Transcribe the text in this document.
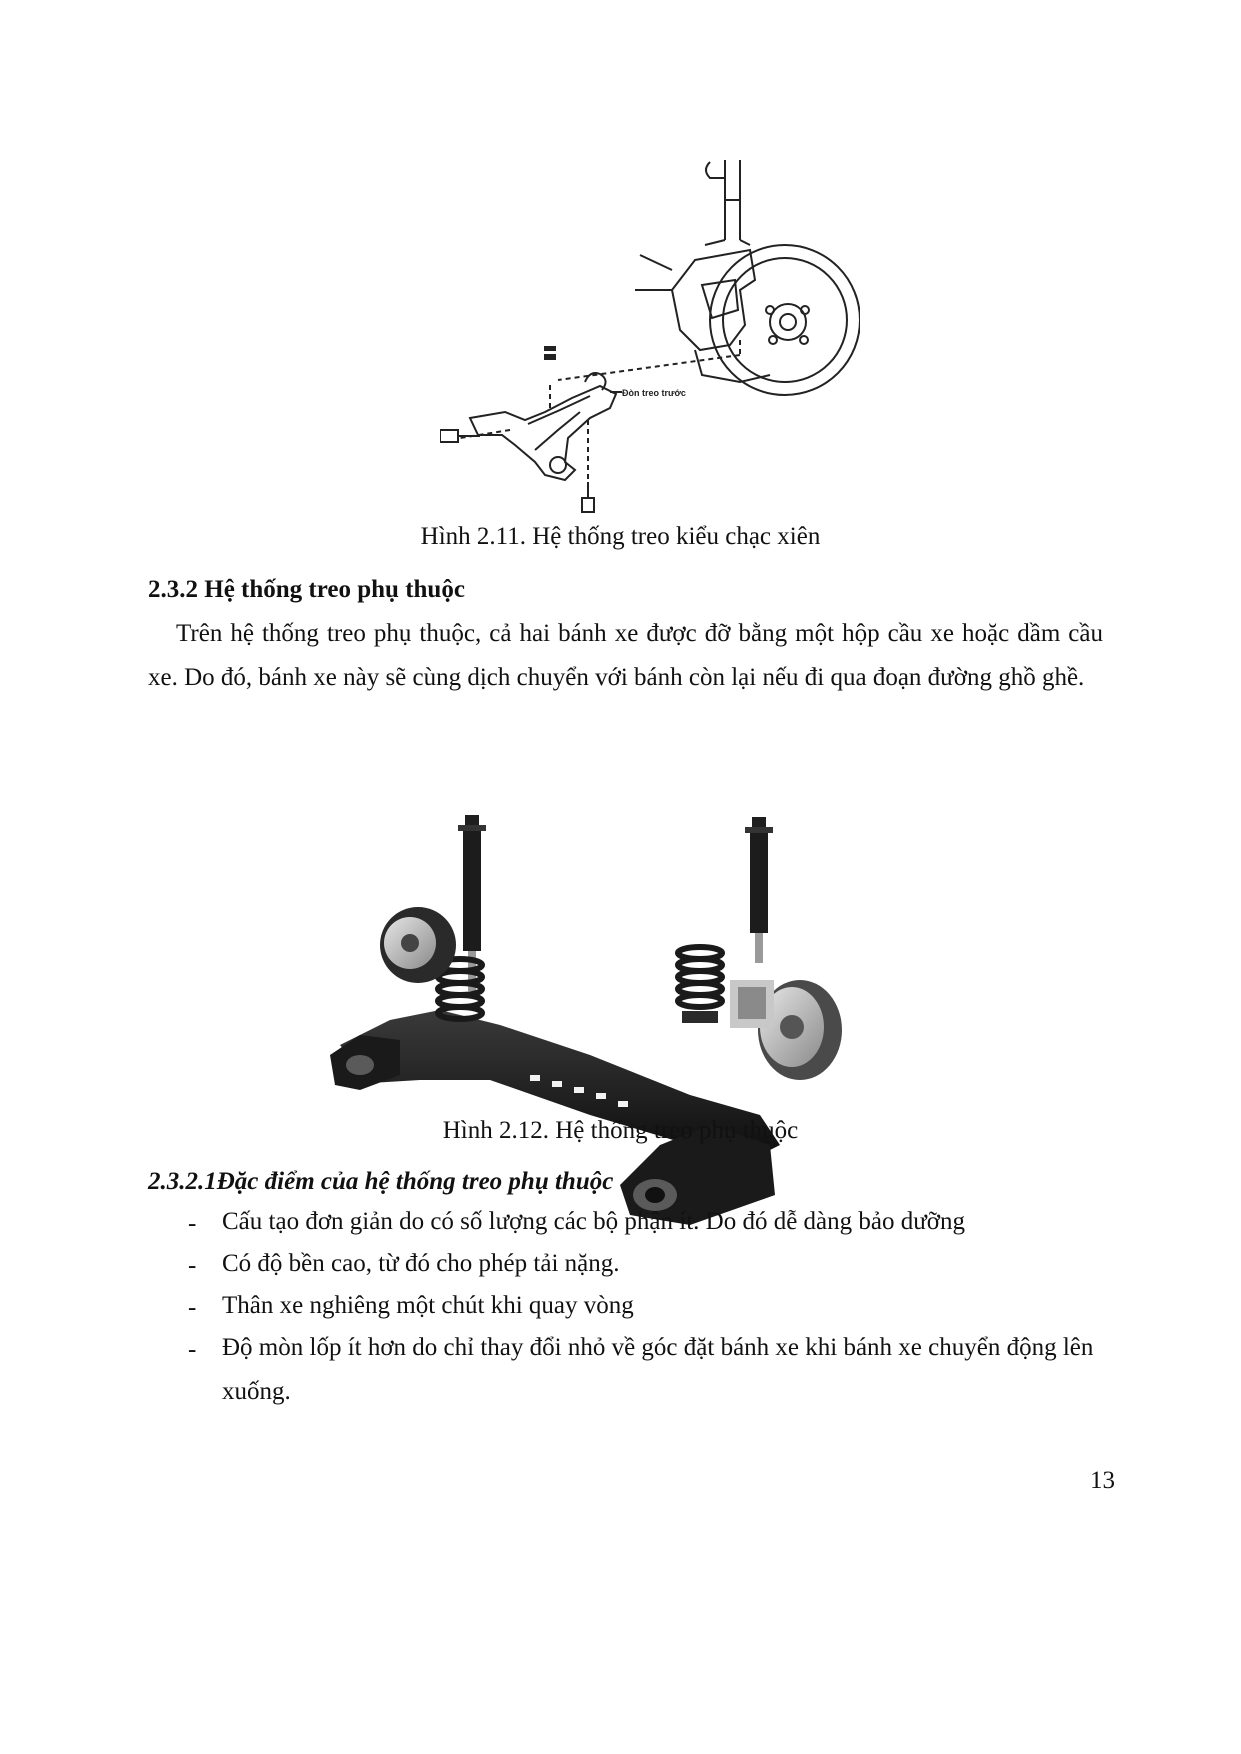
Đòn treo trước
Hình 2.11. Hệ thống treo kiểu chạc xiên
2.3.2 Hệ thống treo phụ thuộc
Trên hệ thống treo phụ thuộc, cả hai bánh xe được đỡ bằng một hộp cầu xe hoặc dầm cầu xe. Do đó, bánh xe này sẽ cùng dịch chuyển với bánh còn lại nếu đi qua đoạn đường ghồ ghề.
Hình 2.12. Hệ thống treo phụ thuộc
2.3.2.1Đặc điểm của hệ thống treo phụ thuộc
- Cấu tạo đơn giản do có số lượng các bộ phận ít. Do đó dễ dàng bảo dưỡng
- Có độ bền cao, từ đó cho phép tải nặng.
- Thân xe nghiêng một chút khi quay vòng
- Độ mòn lốp ít hơn do chỉ thay đổi nhỏ về góc đặt bánh xe khi bánh xe chuyển động lên xuống.
13
